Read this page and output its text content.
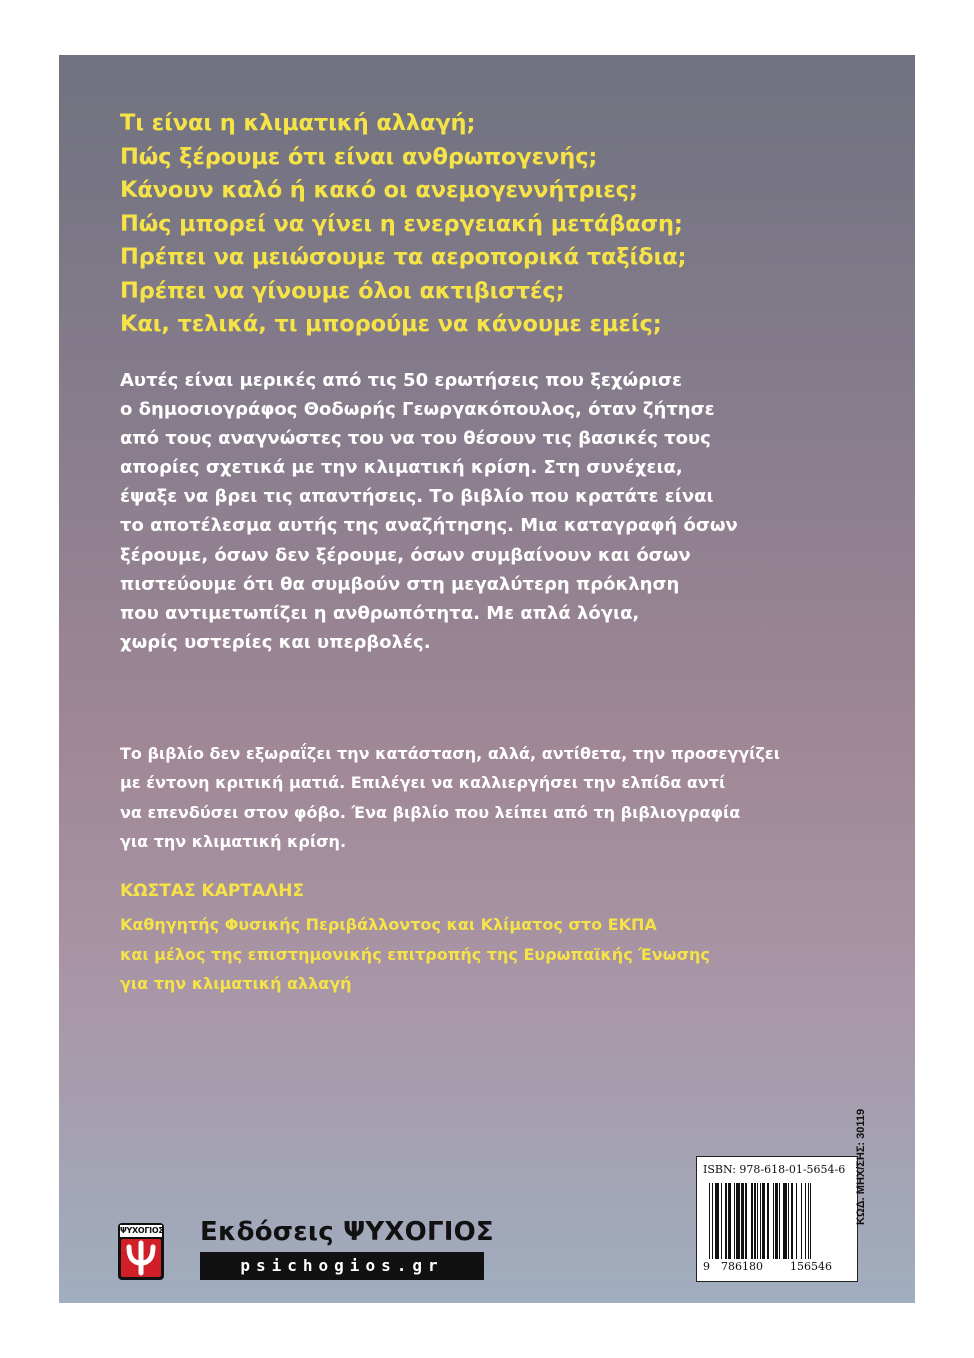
Τι είναι η κλιματική αλλαγή;
Πώς ξέρουμε ότι είναι ανθρωπογενής;
Κάνουν καλό ή κακό οι ανεμογεννήτριες;
Πώς μπορεί να γίνει η ενεργειακή μετάβαση;
Πρέπει να μειώσουμε τα αεροπορικά ταξίδια;
Πρέπει να γίνουμε όλοι ακτιβιστές;
Και, τελικά, τι μπορούμε να κάνουμε εμείς;
Αυτές είναι μερικές από τις 50 ερωτήσεις που ξεχώρισε
ο δημοσιογράφος Θοδωρής Γεωργακόπουλος, όταν ζήτησε
από τους αναγνώστες του να του θέσουν τις βασικές τους
απορίες σχετικά με την κλιματική κρίση. Στη συνέχεια,
έψαξε να βρει τις απαντήσεις. Το βιβλίο που κρατάτε είναι
το αποτέλεσμα αυτής της αναζήτησης. Μια καταγραφή όσων
ξέρουμε, όσων δεν ξέρουμε, όσων συμβαίνουν και όσων
πιστεύουμε ότι θα συμβούν στη μεγαλύτερη πρόκληση
που αντιμετωπίζει η ανθρωπότητα. Με απλά λόγια,
χωρίς υστερίες και υπερβολές.
Το βιβλίο δεν εξωραΐζει την κατάσταση, αλλά, αντίθετα, την προσεγγίζει
με έντονη κριτική ματιά. Επιλέγει να καλλιεργήσει την ελπίδα αντί
να επενδύσει στον φόβο. Ένα βιβλίο που λείπει από τη βιβλιογραφία
για την κλιματική κρίση.
ΚΩΣΤΑΣ ΚΑΡΤΑΛΗΣ
Καθηγητής Φυσικής Περιβάλλοντος και Κλίματος στο ΕΚΠΑ
και μέλος της επιστημονικής επιτροπής της Ευρωπαϊκής Ένωσης
για την κλιματική αλλαγή
ΨΥΧΟΓΙΟΣ Εκδόσεις ΨΥΧΟΓΙΟΣ
psichogios.gr
ISBN: 978-618-01-5654-6
9 786180 156546
ΚΩΔ. ΜΗΧ/ΣΗΣ: 30119
